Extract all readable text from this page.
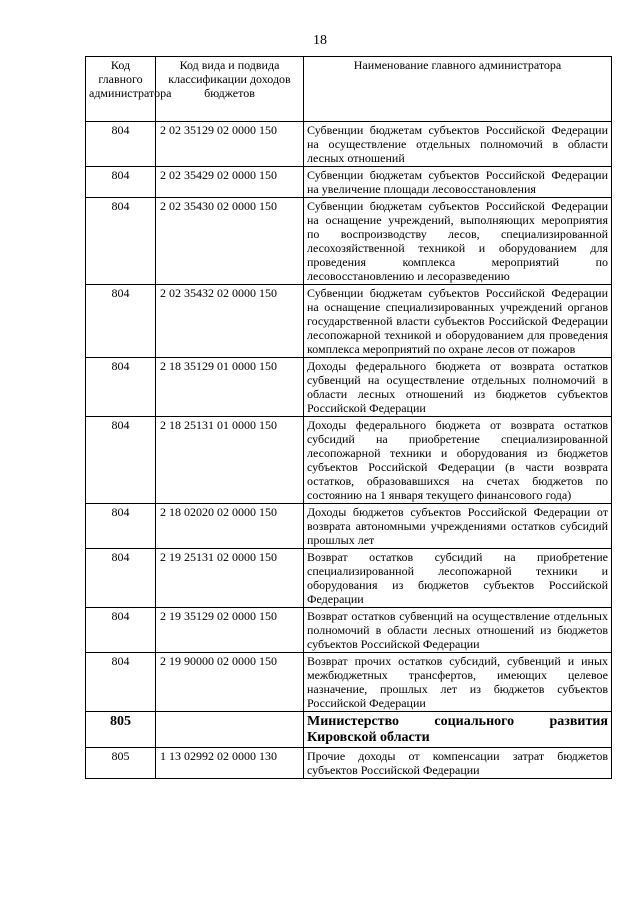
18
Код главного администратора	Код вида и подвида классификации доходов бюджетов	Наименование главного администратора
804	2 02 35129 02 0000 150	Субвенции бюджетам субъектов Российской Федерации на осуществление отдельных полномочий в области лесных отношений
804	2 02 35429 02 0000 150	Субвенции бюджетам субъектов Российской Федерации на увеличение площади лесовосстановления
804	2 02 35430 02 0000 150	Субвенции бюджетам субъектов Российской Федерации на оснащение учреждений, выполняющих мероприятия по воспроизводству лесов, специализированной лесохозяйственной техникой и оборудованием для проведения комплекса мероприятий по лесовосстановлению и лесоразведению
804	2 02 35432 02 0000 150	Субвенции бюджетам субъектов Российской Федерации на оснащение специализированных учреждений органов государственной власти субъектов Российской Федерации лесопожарной техникой и оборудованием для проведения комплекса мероприятий по охране лесов от пожаров
804	2 18 35129 01 0000 150	Доходы федерального бюджета от возврата остатков субвенций на осуществление отдельных полномочий в области лесных отношений из бюджетов субъектов Российской Федерации
804	2 18 25131 01 0000 150	Доходы федерального бюджета от возврата остатков субсидий на приобретение специализированной лесопожарной техники и оборудования из бюджетов субъектов Российской Федерации (в части возврата остатков, образовавшихся на счетах бюджетов по состоянию на 1 января текущего финансового года)
804	2 18 02020 02 0000 150	Доходы бюджетов субъектов Российской Федерации от возврата автономными учреждениями остатков субсидий прошлых лет
804	2 19 25131 02 0000 150	Возврат остатков субсидий на приобретение специализированной лесопожарной техники и оборудования из бюджетов субъектов Российской Федерации
804	2 19 35129 02 0000 150	Возврат остатков субвенций на осуществление отдельных полномочий в области лесных отношений из бюджетов субъектов Российской Федерации
804	2 19 90000 02 0000 150	Возврат прочих остатков субсидий, субвенций и иных межбюджетных трансфертов, имеющих целевое назначение, прошлых лет из бюджетов субъектов Российской Федерации
805		Министерство социального развития
Кировской области

805	1 13 02992 02 0000 130	Прочие доходы от компенсации затрат бюджетов субъектов Российской Федерации
